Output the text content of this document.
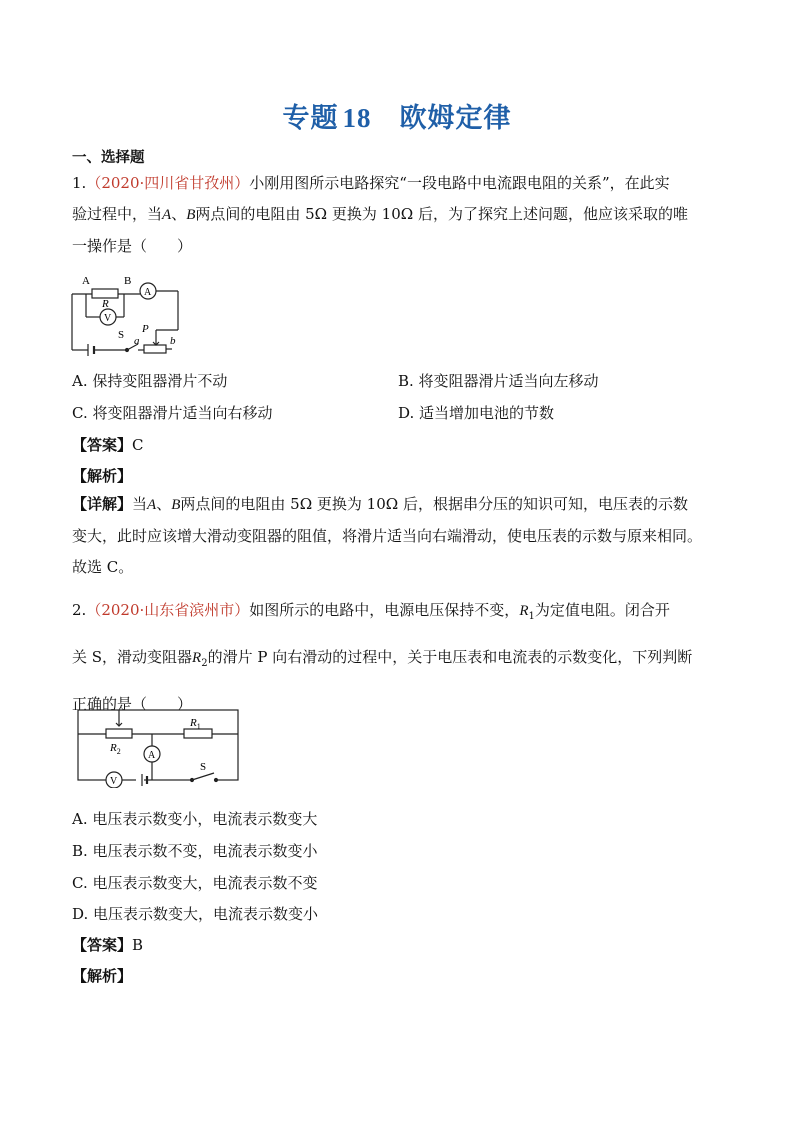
专题 18 欧姆定律
一、选择题
1.（2020·四川省甘孜州）小刚用图所示电路探究“一段电路中电流跟电阻的关系”，在此实
验过程中，当A、B两点间的电阻由 5Ω 更换为 10Ω 后，为了探究上述问题，他应该采取的唯
一操作是（　　）
A	B
R
A
V
S P
a	b
A. 保持变阻器滑片不动	B. 将变阻器滑片适当向左移动
C. 将变阻器滑片适当向右移动	D. 适当增加电池的节数
【答案】C
【解析】
【详解】当A、B两点间的电阻由 5Ω 更换为 10Ω 后，根据串分压的知识可知，电压表的示数
变大，此时应该增大滑动变阻器的阻值，将滑片适当向右端滑动，使电压表的示数与原来相同。
故选 C。
2.（2020·山东省滨州市）如图所示的电路中，电源电压保持不变，$R_1$为定值电阻。闭合开
关 S，滑动变阻器$R_2$的滑片 P 向右滑动的过程中，关于电压表和电流表的示数变化，下列判断
正确的是（　　）
$R_2$
$R_1$
A
V
S
A. 电压表示数变小，电流表示数变大
B. 电压表示数不变，电流表示数变小
C. 电压表示数变大，电流表示数不变
D. 电压表示数变大，电流表示数变小
【答案】B
【解析】
